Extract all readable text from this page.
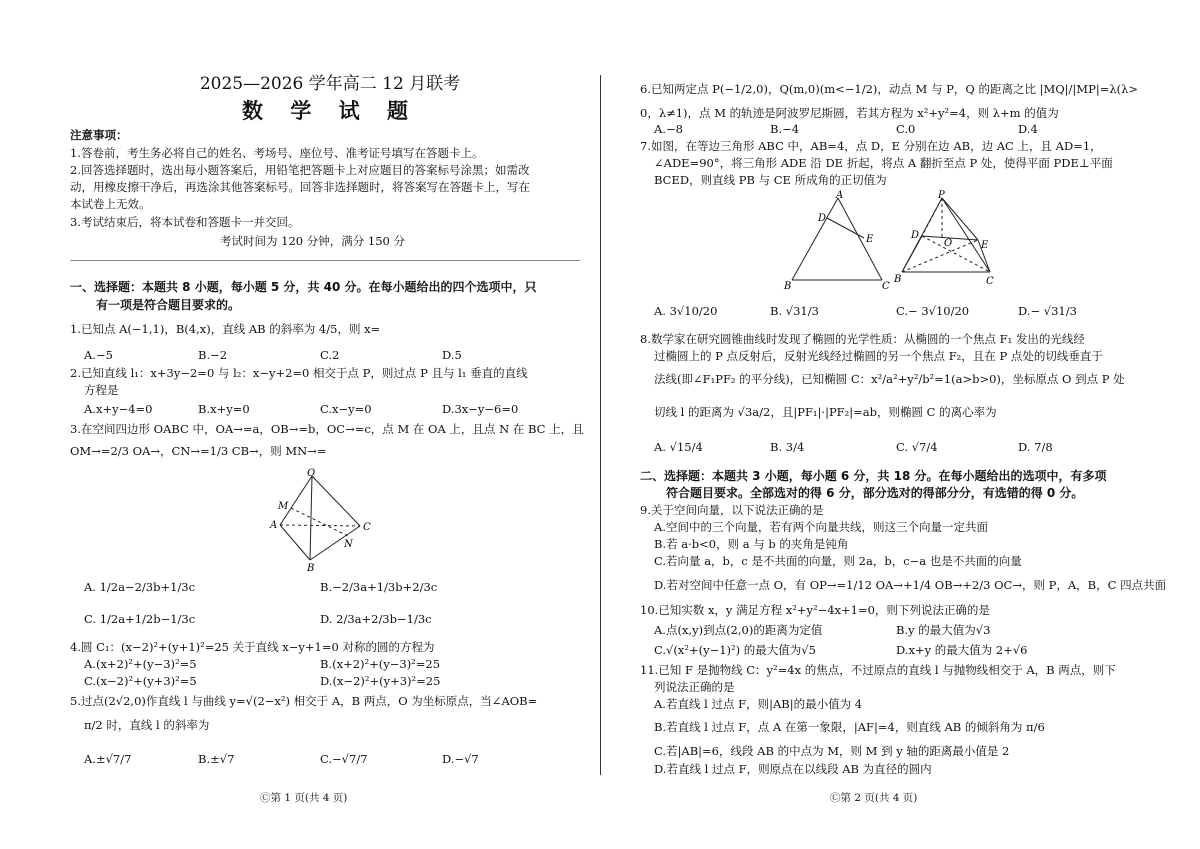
2025—2026 学年高二 12 月联考
数 学 试 题
注意事项：
1.答卷前，考生务必将自己的姓名、考场号、座位号、准考证号填写在答题卡上。
2.回答选择题时，选出每小题答案后，用铅笔把答题卡上对应题目的答案标号涂黑；如需改
动，用橡皮擦干净后，再选涂其他答案标号。回答非选择题时，将答案写在答题卡上，写在
本试卷上无效。
3.考试结束后，将本试卷和答题卡一并交回。
考试时间为 120 分钟，满分 150 分
一、选择题：本题共 8 小题，每小题 5 分，共 40 分。在每小题给出的四个选项中，只
有一项是符合题目要求的。
1.已知点 A(−1,1)，B(4,x)，直线 AB 的斜率为 4/5，则 x=
A.−5	B.−2	C.2	D.5
2.已知直线 l₁：x+3y−2=0 与 l₂：x−y+2=0 相交于点 P，则过点 P 且与 l₁ 垂直的直线
方程是
A.x+y−4=0	B.x+y=0	C.x−y=0	D.3x−y−6=0
3.在空间四边形 OABC 中，OA→=a，OB→=b，OC→=c，点 M 在 OA 上，且点 N 在 BC 上，且
OM→=2/3 OA→，CN→=1/3 CB→，则 MN→=
O
A
B
C
M
N
A. 1/2a−2/3b+1/3c	B.−2/3a+1/3b+2/3c
C. 1/2a+1/2b−1/3c	D. 2/3a+2/3b−1/3c
4.圆 C₁：(x−2)²+(y+1)²=25 关于直线 x−y+1=0 对称的圆的方程为
A.(x+2)²+(y−3)²=5	B.(x+2)²+(y−3)²=25
C.(x−2)²+(y+3)²=5	D.(x−2)²+(y+3)²=25
5.过点(2√2,0)作直线 l 与曲线 y=√(2−x²) 相交于 A，B 两点，O 为坐标原点，当∠AOB=
π/2 时，直线 l 的斜率为
A.±√7/7	B.±√7	C.−√7/7	D.−√7
Ⓒ第 1 页(共 4 页)
6.已知两定点 P(−1/2,0)，Q(m,0)(m<−1/2)，动点 M 与 P，Q 的距离之比 |MQ|/|MP|=λ(λ>
0，λ≠1)，点 M 的轨迹是阿波罗尼斯圆，若其方程为 x²+y²=4，则 λ+m 的值为
A.−8	B.−4	C.0	D.4
7.如图，在等边三角形 ABC 中，AB=4，点 D，E 分别在边 AB，边 AC 上，且 AD=1，
∠ADE=90°，将三角形 ADE 沿 DE 折起，将点 A 翻折至点 P 处，使得平面 PDE⊥平面
BCED，则直线 PB 与 CE 所成角的正切值为
A
D
E
B	C
P
D
O	E
B	C
A. 3√10/20	B. √31/3	C.− 3√10/20	D.− √31/3
8.数学家在研究圆锥曲线时发现了椭圆的光学性质：从椭圆的一个焦点 F₁ 发出的光线经
过椭圆上的 P 点反射后，反射光线经过椭圆的另一个焦点 F₂，且在 P 点处的切线垂直于
法线(即∠F₁PF₂ 的平分线)，已知椭圆 C：x²/a²+y²/b²=1(a>b>0)，坐标原点 O 到点 P 处
切线 l 的距离为 √3a/2，且|PF₁|·|PF₂|=ab，则椭圆 C 的离心率为
A. √15/4	B. 3/4	C. √7/4	D. 7/8
二、选择题：本题共 3 小题，每小题 6 分，共 18 分。在每小题给出的选项中，有多项
符合题目要求。全部选对的得 6 分，部分选对的得部分分，有选错的得 0 分。
9.关于空间向量，以下说法正确的是
A.空间中的三个向量，若有两个向量共线，则这三个向量一定共面
B.若 a·b<0，则 a 与 b 的夹角是钝角
C.若向量 a，b，c 是不共面的向量，则 2a，b，c−a 也是不共面的向量
D.若对空间中任意一点 O，有 OP→=1/12 OA→+1/4 OB→+2/3 OC→，则 P，A，B，C 四点共面
10.已知实数 x，y 满足方程 x²+y²−4x+1=0，则下列说法正确的是
A.点(x,y)到点(2,0)的距离为定值	B.y 的最大值为√3
C.√(x²+(y−1)²) 的最大值为√5	D.x+y 的最大值为 2+√6
11.已知 F 是抛物线 C：y²=4x 的焦点，不过原点的直线 l 与抛物线相交于 A，B 两点，则下
列说法正确的是
A.若直线 l 过点 F，则|AB|的最小值为 4
B.若直线 l 过点 F，点 A 在第一象限，|AF|=4，则直线 AB 的倾斜角为 π/6
C.若|AB|=6，线段 AB 的中点为 M，则 M 到 y 轴的距离最小值是 2
D.若直线 l 过点 F，则原点在以线段 AB 为直径的圆内
Ⓒ第 2 页(共 4 页)
